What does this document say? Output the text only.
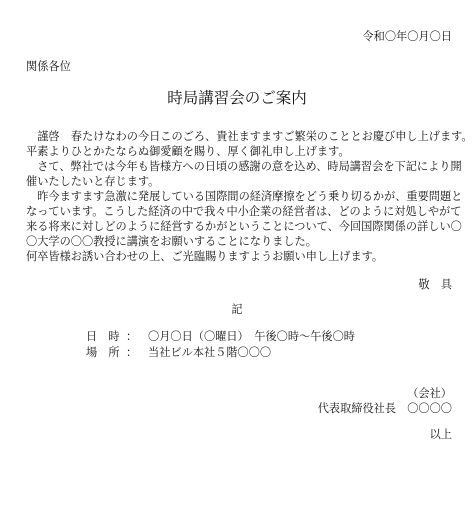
令和〇年〇月〇日
関係各位
時局講習会のご案内
　謹啓　春たけなわの今日このごろ、貴社ますますご繁栄のこととお慶び申し上げます。
平素よりひとかたならぬ御愛顧を賜り、厚く御礼申し上げます。
　さて、弊社では今年も皆様方への日頃の感謝の意を込め、時局講習会を下記により開
催いたしたいと存じます。
　昨今ますます急激に発展している国際間の経済摩擦をどう乗り切るかが、重要問題と
なっています。こうした経済の中で我々中小企業の経営者は、どのように対処しやがて
来る将来に対しどのように経営するかがということについて、今回国際関係の詳しい〇
〇大学の〇〇教授に講演をお願いすることになりました。
何卒皆様お誘い合わせの上、ご光臨賜りますようお願い申し上げます。
敬　具
記
日　時 ： 〇月〇日（〇曜日）　午後〇時～午後〇時
場　所 ： 当社ビル本社５階〇〇〇
（会社）
代表取締役社長　〇〇〇〇
以上
